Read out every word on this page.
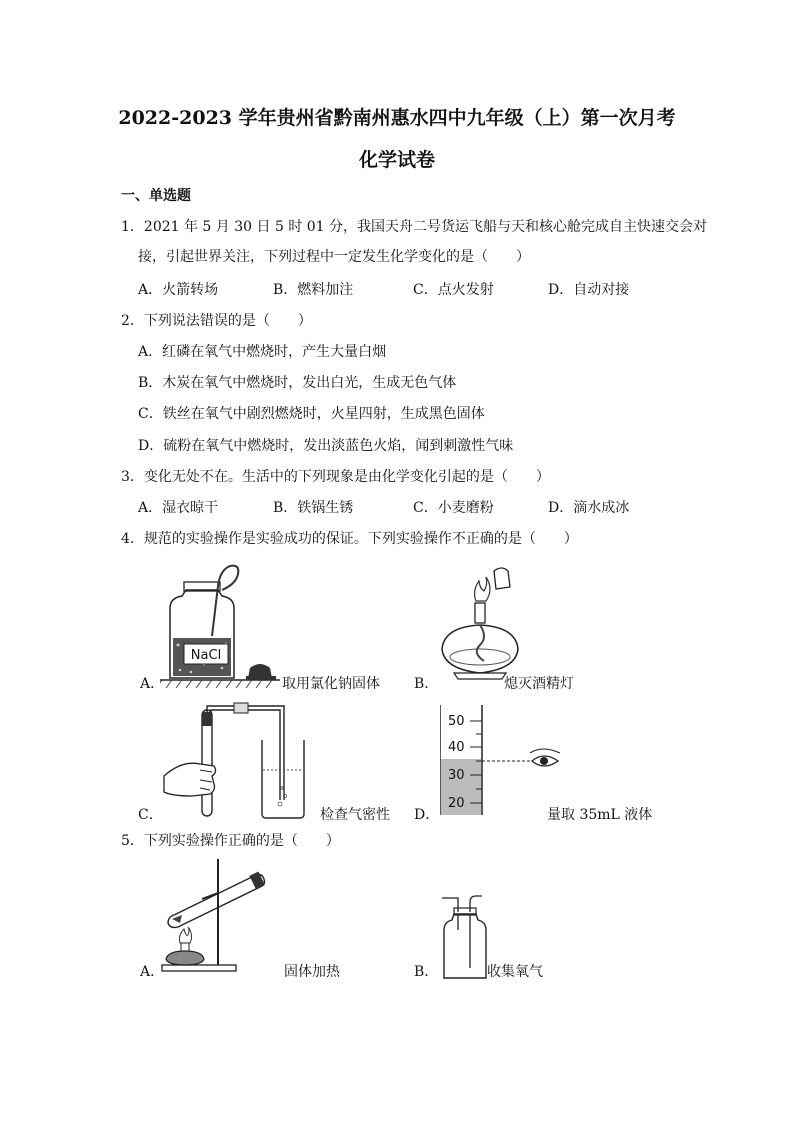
2022-2023 学年贵州省黔南州惠水四中九年级（上）第一次月考
化学试卷
一、单选题
1．2021 年 5 月 30 日 5 时 01 分，我国天舟二号货运飞船与天和核心舱完成自主快速交会对
接，引起世界关注，下列过程中一定发生化学变化的是（　　）
A．火箭转场	B．燃料加注	C．点火发射	D．自动对接
2．下列说法错误的是（　　）
A．红磷在氧气中燃烧时，产生大量白烟
B．木炭在氧气中燃烧时，发出白光，生成无色气体
C．铁丝在氧气中剧烈燃烧时，火星四射，生成黑色固体
D．硫粉在氧气中燃烧时，发出淡蓝色火焰，闻到刺激性气味
3．变化无处不在。生活中的下列现象是由化学变化引起的是（　　）
A．湿衣晾干	B．铁锅生锈	C．小麦磨粉	D．滴水成冰
4．规范的实验操作是实验成功的保证。下列实验操作不正确的是（　　）
NaCl
A．	取用氯化钠固体 B．	熄灭酒精灯
C．	检查气密性
50
40
30
20
D．	量取 35mL 液体
5．下列实验操作正确的是（　　）
A．	固体加热	B．	收集氧气
